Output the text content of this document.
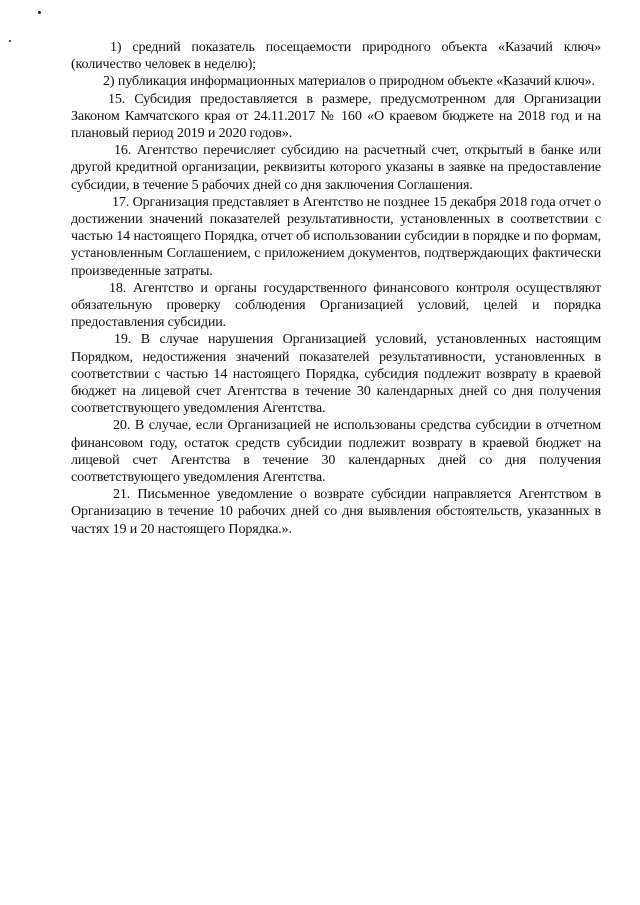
1) средний показатель посещаемости природного объекта «Казачий ключ» (количество человек в неделю);

2) публикация информационных материалов о природном объекте «Казачий ключ».

15. Субсидия предоставляется в размере, предусмотренном для Организации Законом Камчатского края от 24.11.2017 № 160 «О краевом бюджете на 2018 год и на плановый период 2019 и 2020 годов».

16. Агентство перечисляет субсидию на расчетный счет, открытый в банке или другой кредитной организации, реквизиты которого указаны в заявке на предоставление субсидии, в течение 5 рабочих дней со дня заключения Соглашения.

17. Организация представляет в Агентство не позднее 15 декабря 2018 года отчет о достижении значений показателей результативности, установленных в соответствии с частью 14 настоящего Порядка, отчет об использовании субсидии в порядке и по формам, установленным Соглашением, с приложением документов, подтверждающих фактически произведенные затраты.

18. Агентство и органы государственного финансового контроля осуществляют обязательную проверку соблюдения Организацией условий, целей и порядка предоставления субсидии.

19. В случае нарушения Организацией условий, установленных настоящим Порядком, недостижения значений показателей результативности, установленных в соответствии с частью 14 настоящего Порядка, субсидия подлежит возврату в краевой бюджет на лицевой счет Агентства в течение 30 календарных дней со дня получения соответствующего уведомления Агентства.

20. В случае, если Организацией не использованы средства субсидии в отчетном финансовом году, остаток средств субсидии подлежит возврату в краевой бюджет на лицевой счет Агентства в течение 30 календарных дней со дня получения соответствующего уведомления Агентства.

21. Письменное уведомление о возврате субсидии направляется Агентством в Организацию в течение 10 рабочих дней со дня выявления обстоятельств, указанных в частях 19 и 20 настоящего Порядка.».
